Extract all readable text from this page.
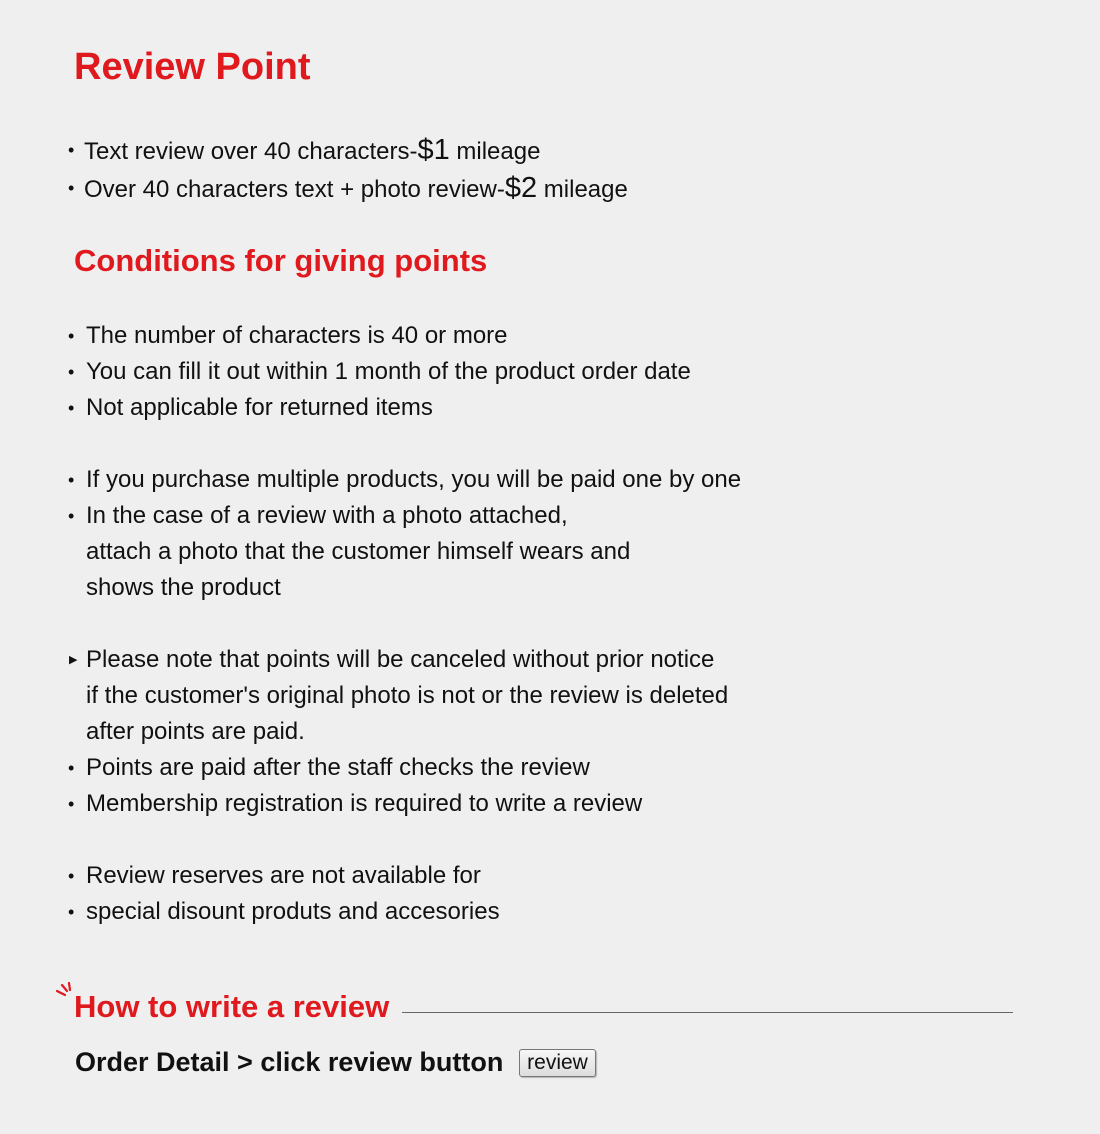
Review Point
• Text review over 40 characters-$1 mileage
• Over 40 characters text + photo review-$2 mileage
Conditions for giving points
• The number of characters is 40 or more
• You can fill it out within 1 month of the product order date
• Not applicable for returned items
• If you purchase multiple products, you will be paid one by one
• In the case of a review with a photo attached,
attach a photo that the customer himself wears and
shows the product
▶ Please note that points will be canceled without prior notice
if the customer's original photo is not or the review is deleted
after points are paid.
• Points are paid after the staff checks the review
• Membership registration is required to write a review
• Review reserves are not available for
• special disount produts and accesories
How to write a review
Order Detail > click review button	review
